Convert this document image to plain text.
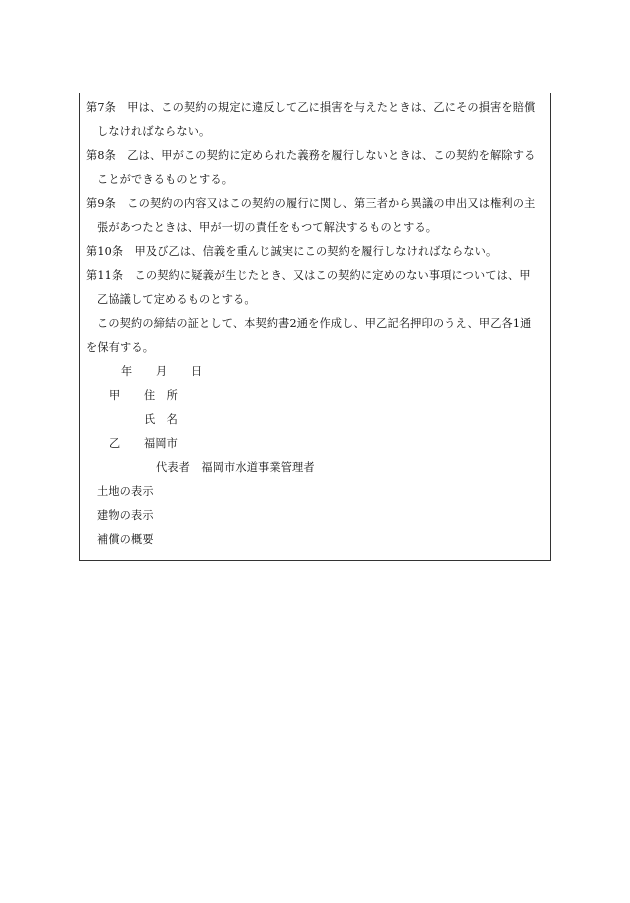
第7条　甲は、この契約の規定に違反して乙に損害を与えたときは、乙にその損害を賠償
しなければならない。
第8条　乙は、甲がこの契約に定められた義務を履行しないときは、この契約を解除する
ことができるものとする。
第9条　この契約の内容又はこの契約の履行に関し、第三者から異議の申出又は権利の主
張があつたときは、甲が一切の責任をもつて解決するものとする。
第10条　甲及び乙は、信義を重んじ誠実にこの契約を履行しなければならない。
第11条　この契約に疑義が生じたとき、又はこの契約に定めのない事項については、甲
乙協議して定めるものとする。
この契約の締結の証として、本契約書2通を作成し、甲乙記名押印のうえ、甲乙各1通
を保有する。
年 月 日
甲 住　所
氏　名
乙 福岡市
代表者　福岡市水道事業管理者
土地の表示
建物の表示
補償の概要
